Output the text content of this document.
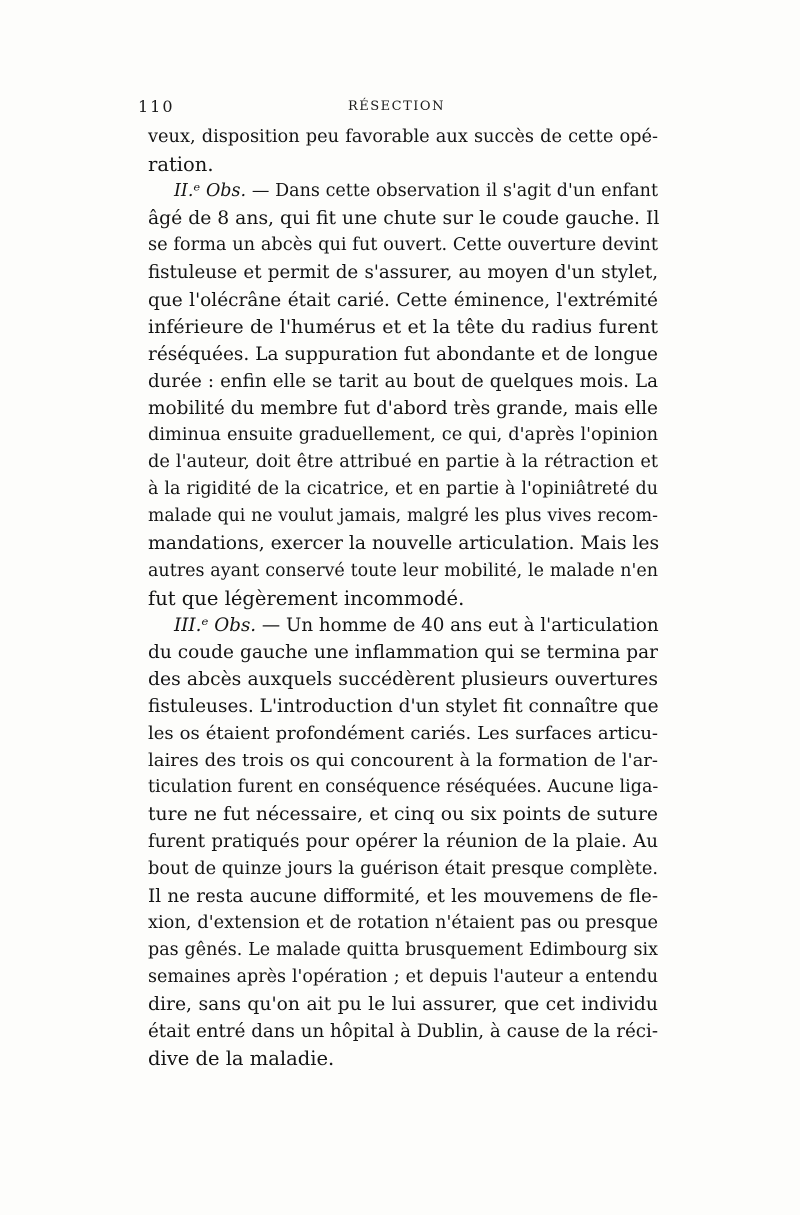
110	RÉSECTION
veux, disposition peu favorable aux succès de cette opé-
ration.
II.ᵉ Obs. — Dans cette observation il s'agit d'un enfant
âgé de 8 ans, qui fit une chute sur le coude gauche. Il
se forma un abcès qui fut ouvert. Cette ouverture devint
fistuleuse et permit de s'assurer, au moyen d'un stylet,
que l'olécrâne était carié. Cette éminence, l'extrémité
inférieure de l'humérus et et la tête du radius furent
réséquées. La suppuration fut abondante et de longue
durée : enfin elle se tarit au bout de quelques mois. La
mobilité du membre fut d'abord très grande, mais elle
diminua ensuite graduellement, ce qui, d'après l'opinion
de l'auteur, doit être attribué en partie à la rétraction et
à la rigidité de la cicatrice, et en partie à l'opiniâtreté du
malade qui ne voulut jamais, malgré les plus vives recom-
mandations, exercer la nouvelle articulation. Mais les
autres ayant conservé toute leur mobilité, le malade n'en
fut que légèrement incommodé.
III.ᵉ Obs. — Un homme de 40 ans eut à l'articulation
du coude gauche une inflammation qui se termina par
des abcès auxquels succédèrent plusieurs ouvertures
fistuleuses. L'introduction d'un stylet fit connaître que
les os étaient profondément cariés. Les surfaces articu-
laires des trois os qui concourent à la formation de l'ar-
ticulation furent en conséquence réséquées. Aucune liga-
ture ne fut nécessaire, et cinq ou six points de suture
furent pratiqués pour opérer la réunion de la plaie. Au
bout de quinze jours la guérison était presque complète.
Il ne resta aucune difformité, et les mouvemens de fle-
xion, d'extension et de rotation n'étaient pas ou presque
pas gênés. Le malade quitta brusquement Edimbourg six
semaines après l'opération ; et depuis l'auteur a entendu
dire, sans qu'on ait pu le lui assurer, que cet individu
était entré dans un hôpital à Dublin, à cause de la réci-
dive de la maladie.
